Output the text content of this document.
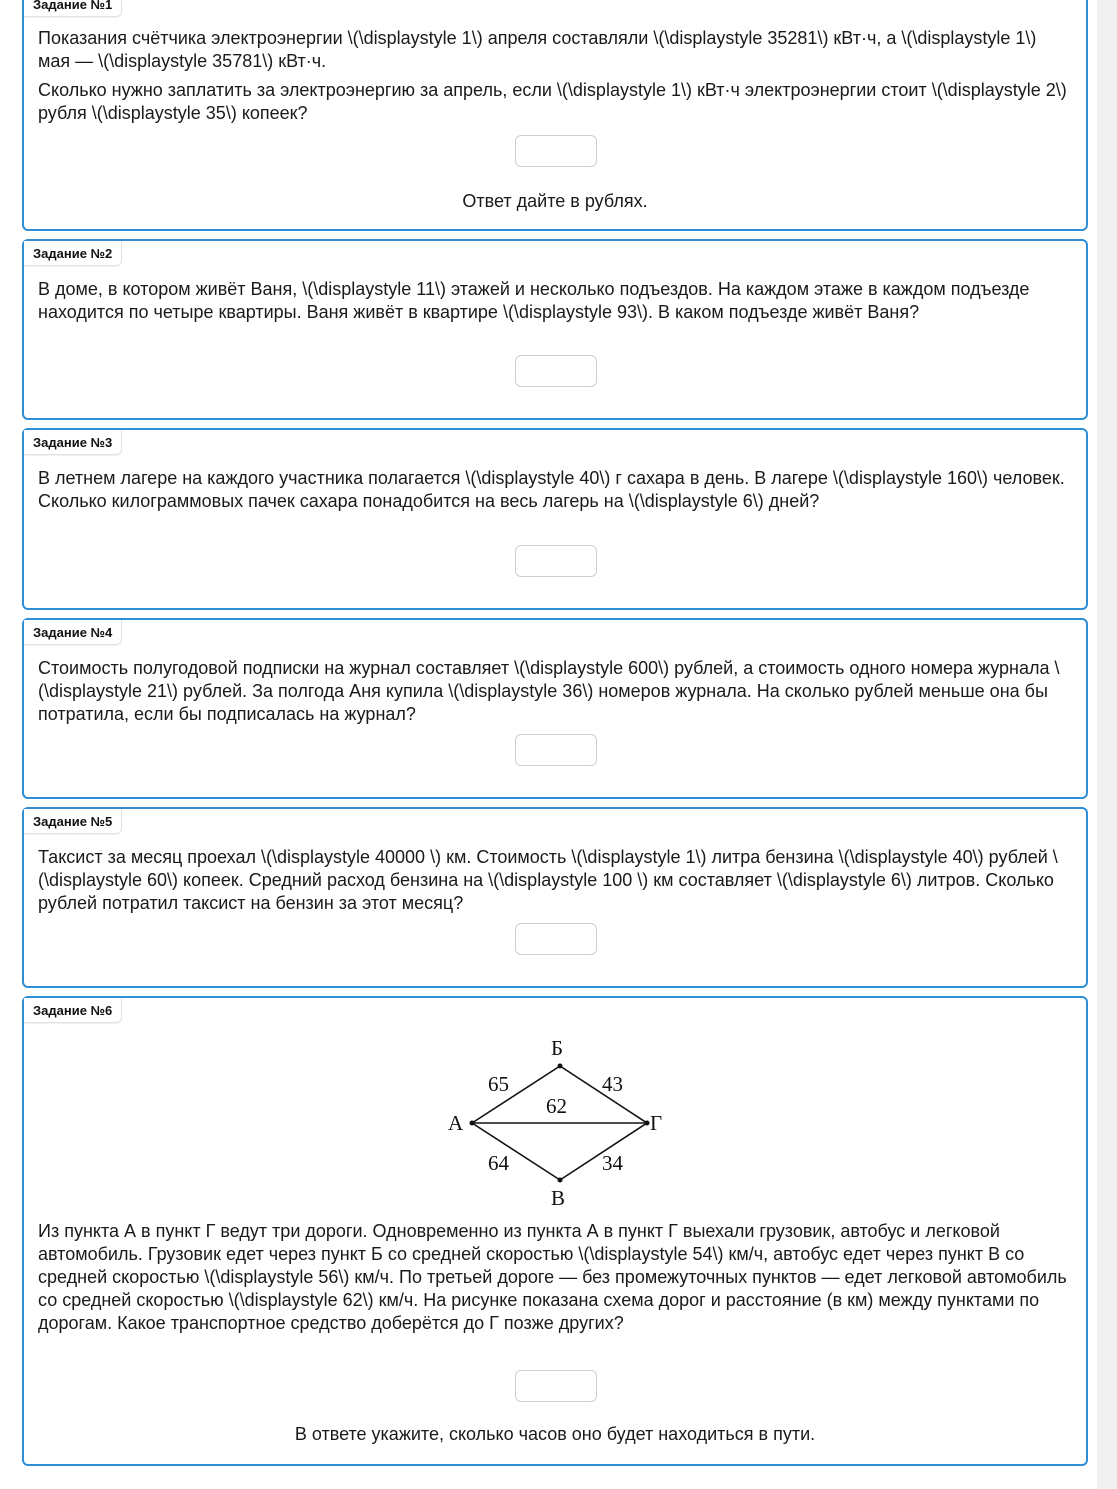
Задание №1

Показания счётчика электроэнергии \(\displaystyle 1\) апреля составляли \(\displaystyle 35281\) кВт·ч, а \(\displaystyle 1\) мая — \(\displaystyle 35781\) кВт·ч.

Сколько нужно заплатить за электроэнергию за апрель, если \(\displaystyle 1\) кВт·ч электроэнергии стоит \(\displaystyle 2\) рубля \(\displaystyle 35\) копеек?

Ответ дайте в рублях.
Задание №2

В доме, в котором живёт Ваня, \(\displaystyle 11\) этажей и несколько подъездов. На каждом этаже в каждом подъезде находится по четыре квартиры. Ваня живёт в квартире \(\displaystyle 93\). В каком подъезде живёт Ваня?

Задание №3

В летнем лагере на каждого участника полагается \(\displaystyle 40\) г сахара в день. В лагере \(\displaystyle 160\) человек. Сколько килограммовых пачек сахара понадобится на весь лагерь на \(\displaystyle 6\) дней?

Задание №4

Стоимость полугодовой подписки на журнал составляет \(\displaystyle 600\) рублей, а стоимость одного номера журнала \(\displaystyle 21\) рублей. За полгода Аня купила \(\displaystyle 36\) номеров журнала. На сколько рублей меньше она бы потратила, если бы подписалась на журнал?

Задание №5

Таксист за месяц проехал \(\displaystyle 40000 \) км. Стоимость \(\displaystyle 1\) литра бензина \(\displaystyle 40\) рублей \(\displaystyle 60\) копеек. Средний расход бензина на \(\displaystyle 100 \) км составляет \(\displaystyle 6\) литров. Сколько рублей потратил таксист на бензин за этот месяц?

Задание №6
А
Б
Г
В
65	43
62
64	34

Из пункта А в пункт Г ведут три дороги. Одновременно из пункта А в пункт Г выехали грузовик, автобус и легковой автомобиль. Грузовик едет через пункт Б со средней скоростью \(\displaystyle 54\) км/ч, автобус едет через пункт В со средней скоростью \(\displaystyle 56\) км/ч. По третьей дороге — без промежуточных пунктов — едет легковой автомобиль со средней скоростью \(\displaystyle 62\) км/ч. На рисунке показана схема дорог и расстояние (в км) между пунктами по дорогам. Какое транспортное средство доберётся до Г позже других?

В ответе укажите, сколько часов оно будет находиться в пути.
